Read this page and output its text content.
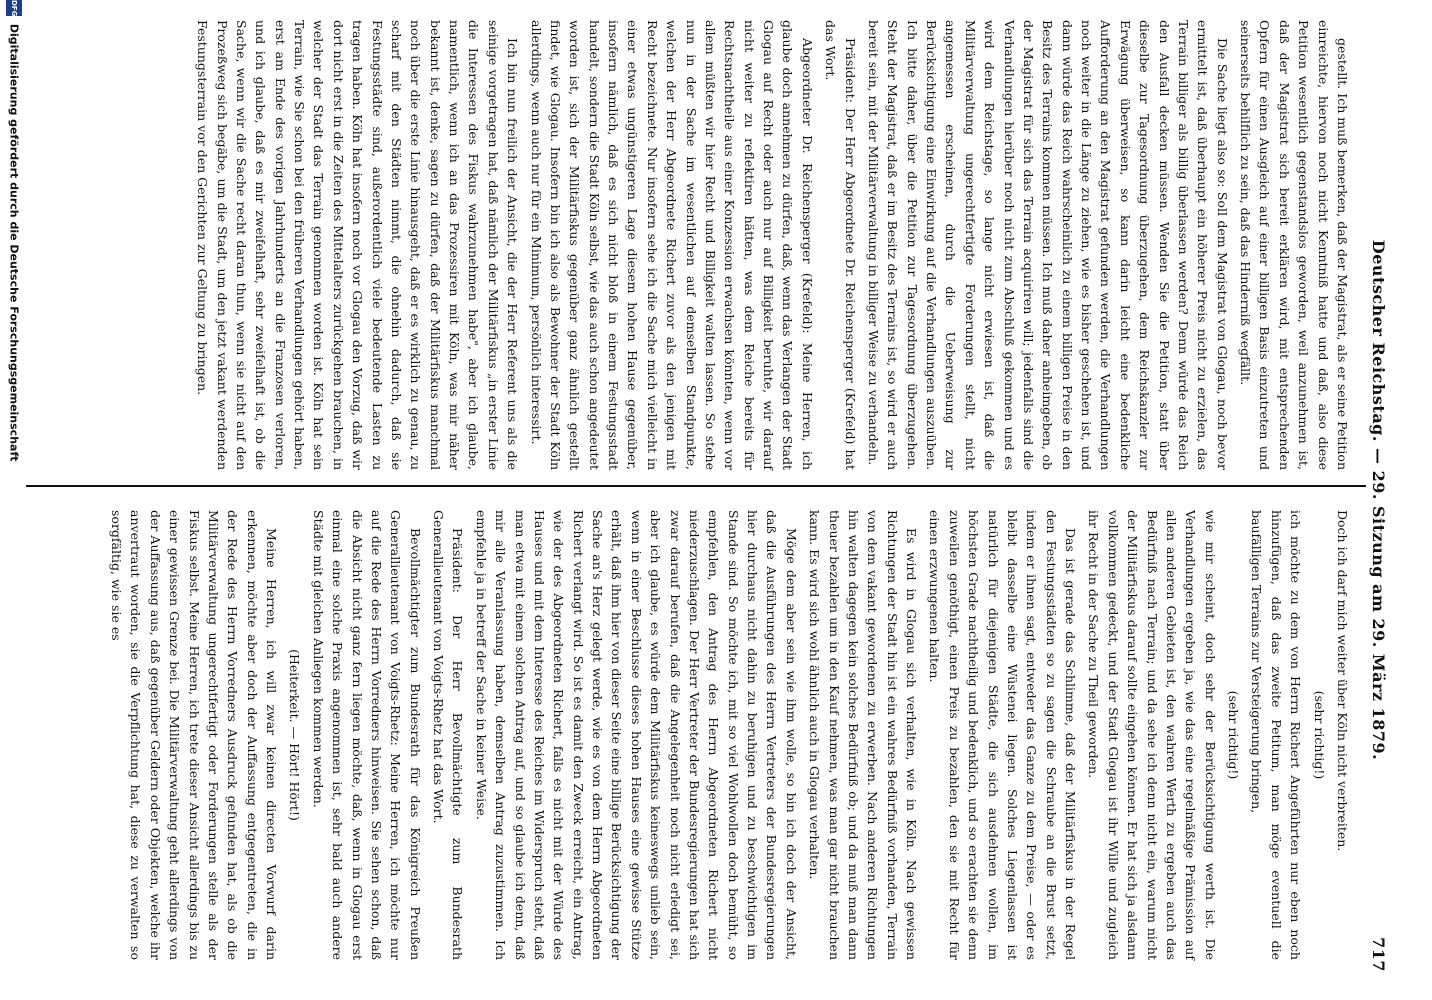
Deutscher Reichstag. — 29. Sitzung am 29. März 1879.
717

gestellt. Ich muß bemerken, daß der Magistrat, als er seine Petition einreichte, hiervon noch nicht Kenntniß hatte und daß, also diese Petition wesentlich gegenstandslos geworden, weil anzunehmen ist, daß der Magistrat sich bereit erklären wird, mit entsprechenden Opfern für einen Ausgleich auf einer billigen Basis einzutreten und seinerseits behilflich zu sein, daß das Hinderniß wegfällt.

Die Sache liegt also so: Soll dem Magistrat von Glogau, noch bevor ermittelt ist, daß überhaupt ein höherer Preis nicht zu erzielen, das Terrain billiger als billig überlassen werden? Denn würde das Reich den Ausfall decken müssen. Wenden Sie die Petition, statt über dieselbe zur Tagesordnung überzugehen, dem Reichskanzler zur Erwägung überweisen, so kann darin leicht eine bedenkliche Aufforderung an den Magistrat gefunden werden, die Verhandlungen noch weiter in die Länge zu ziehen, wie es bisher geschehen ist, und dann würde das Reich wahrscheinlich zu einem billigen Preise in den Besitz des Terrains kommen müssen. Ich muß daher anheimgeben, ob der Magistrat für sich das Terrain acquiriren will; jedenfalls sind die Verhandlungen hierüber noch nicht zum Abschluß gekommen und es wird dem Reichstage, so lange nicht erwiesen ist, daß die Militärverwaltung ungerechtfertigte Forderungen stellt, nicht angemessen erscheinen, durch die Ueberweisung zur Berücksichtigung eine Einwirkung auf die Verhandlungen auszuüben. Ich bitte daher, über die Petition zur Tagesordnung überzugehen. Steht der Magistrat, daß er im Besitz des Terrains ist, so wird er auch bereit sein, mit der Militärverwaltung in billiger Weise zu verhandeln.

Präsident: Der Herr Abgeordnete Dr. Reichensperger (Krefeld) hat das Wort.

Abgeordneter Dr. Reichensperger (Krefeld): Meine Herren, ich glaube doch annehmen zu dürfen, daß, wenn das Verlangen der Stadt Glogau auf Recht oder auch nur auf Billigkeit beruhte, wir darauf nicht weiter zu reflektiren hätten, was dem Reiche bereits für Rechtsnachtheile aus einer Konzession erwachsen könnten, wenn vor allem müßten wir hier Recht und Billigkeit walten lassen. So stehe nun in der Sache im wesentlichen auf demselben Standpunkte, welchen der Herr Abgeordnete Richert zuvor als den jenigen mit Recht bezeichnete. Nur insofern sehe ich die Sache mich vielleicht in einer etwas ungünstigeren Lage diesem hohen Hause gegenüber, insofern nämlich, daß es sich nicht bloß in einem Festungsstadt handelt, sondern die Stadt Köln selbst, wie das auch schon angedeutet worden ist, sich der Militärfiskus gegenüber ganz ähnlich gestellt findet, wie Glogau. Insofern bin ich also als Bewohner der Stadt Köln allerdings, wenn auch nur für ein Minimum, persönlich interessirt.

Ich bin nun freilich der Ansicht, die der Herr Referent uns als die seinige vorgetragen hat, daß nämlich der Militärfiskus „in erster Linie die Interessen des Fiskus wahrzunehmen habe", aber ich glaube, namentlich, wenn ich an das Prozessiren mit Köln, was mir näher bekannt ist, denke, sagen zu dürfen, daß der Militärfiskus manchmal noch über die erste Linie hinausgeht, daß er es wirklich zu genau, zu scharf mit den Städten nimmt, die ohnehin dadurch, daß sie Festungsstädte sind, außerordentlich viele bedeutende Lasten zu tragen haben. Köln hat insofern noch vor Glogau den Vorzug, daß wir dort nicht erst in die Zeiten des Mittelalters zurückgehen brauchen, in welcher der Stadt das Terrain genommen worden ist. Köln hat sein Terrain, wie Sie schon bei den früheren Verhandlungen gehört haben, erst am Ende des vorigen Jahrhunderts an die Franzosen verloren, und ich glaube, daß es mir zweifelhaft, sehr zweifelhaft ist, ob die Sache, wenn wir die Sache recht daran thun, wenn sie nicht auf den Prozeßweg sich begäbe, um die Stadt, um den jetzt vakant werdenden Festungsterrain vor den Gerichten zur Geltung zu bringen.

Doch ich darf mich weiter über Köln nicht verbreiten.

(sehr richtig!)

ich möchte zu dem von Herrn Richert Angeführten nur eben noch hinzufügen, daß das zweite Petitum, man möge eventuell die baufälligen Terrains zur Versteigerung bringen,

(sehr richtig!)

wie mir scheint, doch sehr der Berücksichtigung werth ist. Die Verhandlungen ergeben ja, wie das eine regelmäßige Prämission auf allen anderen Gebieten ist, den wahren Werth zu ergeben auch das Bedürfniß nach Terrain; und da sehe ich denn nicht ein, warum nicht der Militärfiskus darauf sollte eingehen können. Er hat sich ja alsdann vollkommen gedeckt, und der Stadt Glogau ist ihr Wille und zugleich ihr Recht in der Sache zu Theil geworden.

Das ist gerade das Schlimme, daß der Militärfiskus in der Regel den Festungsstädten so zu sagen die Schraube an die Brust setzt, indem er ihnen sagt, entweder das Ganze zu dem Preise, — oder es bleibt dasselbe eine Wüstenei liegen. Solches Liegenlassen ist natürlich für diejenigen Städte, die sich ausdehnen wollen, im höchsten Grade nachtheilig und bedenklich, und so erachten sie denn zuweilen genöthigt, einen Preis zu bezahlen, den sie mit Recht für einen erzwungenen halten.

Es wird in Glogau sich verhalten, wie in Köln. Nach gewissen Richtungen der Stadt hin ist ein wahres Bedürfniß vorhanden, Terrain von dem vakant gewordenen zu erwerben. Nach anderen Richtungen hin walten dagegen kein solches Bedürfniß ob; und da muß man dann theuer bezahlen um in den Kauf nehmen, was man gar nicht brauchen kann. Es wird sich wohl ähnlich auch in Glogau verhalten.

Möge dem aber sein wie ihm wolle, so bin ich doch der Ansicht, daß die Ausführungen des Herrn Vertreters der Bundesregierungen hier durchaus nicht dahin zu beruhigen und zu beschwichtigen im Stande sind. So möchte ich, mit so viel Wohlwollen doch bemüht, so empfehlen, den Antrag des Herrn Abgeordneten Richert nicht niederzuschlagen. Der Herr Vertreter der Bundesregierungen hat sich zwar darauf berufen, daß die Angelegenheit noch nicht erledigt sei, aber ich glaube, es würde dem Militärfiskus keineswegs unlieb sein, wenn in einer Beschlusse dieses hohen Hauses eine gewisse Stütze erhält, daß ihm hier von dieser Seite eine billige Berücksichtigung der Sache an's Herz gelegt werde, wie es von dem Herrn Abgeordneten Richert verlangt wird. So ist es damit den Zweck erreicht, ein Antrag, wie der des Abgeordneten Richert, falls es nicht mit der Würde des Hauses und mit dem Interesse des Reiches im Widerspruch steht, daß man etwa mit einem solchen Antrag auf, und so glaube ich denn, daß mir alle Veranlassung haben, demselben Antrag zuzustimmen. Ich empfehle ja in betreff der Sache in keiner Weise.

Präsident: Der Herr Bevollmächtigte zum Bundesrath Generallieutenant von Voigts-Rhetz hat das Wort.

Bevollmächtigter zum Bundesrath für das Königreich Preußen Generallieutenant von Voigts-Rhetz: Meine Herren, ich möchte nur auf die Rede des Herrn Vorredners hinweisen. Sie sehen schon, daß die Absicht nicht ganz fern liegen möchte, daß, wenn in Glogau erst einmal eine solche Praxis angenommen ist, sehr bald auch andere Städte mit gleichen Anliegen kommen werden.

(Heiterkeit. — Hört! Hört!)

Meine Herren, ich will zwar keinen directen Vorwurf darin erkennen, möchte aber doch der Auffassung entgegentreten, die in der Rede des Herrn Vorredners Ausdruck gefunden hat, als ob die Militärverwaltung ungerechtfertigt oder Forderungen stelle als der Fiskus selbst. Meine Herren, ich trete dieser Ansicht allerdings bis zu einer gewissen Grenze bei. Die Militärverwaltung geht allerdings von der Auffassung aus, daß gegenüber Geldern oder Objekten, welche ihr anvertraut worden, sie die Verpflichtung hat, diese zu verwalten so sorgfältig, wie sie es

DFG Digitalisierung gefördert durch die Deutsche Forschungsgemeinschaft
